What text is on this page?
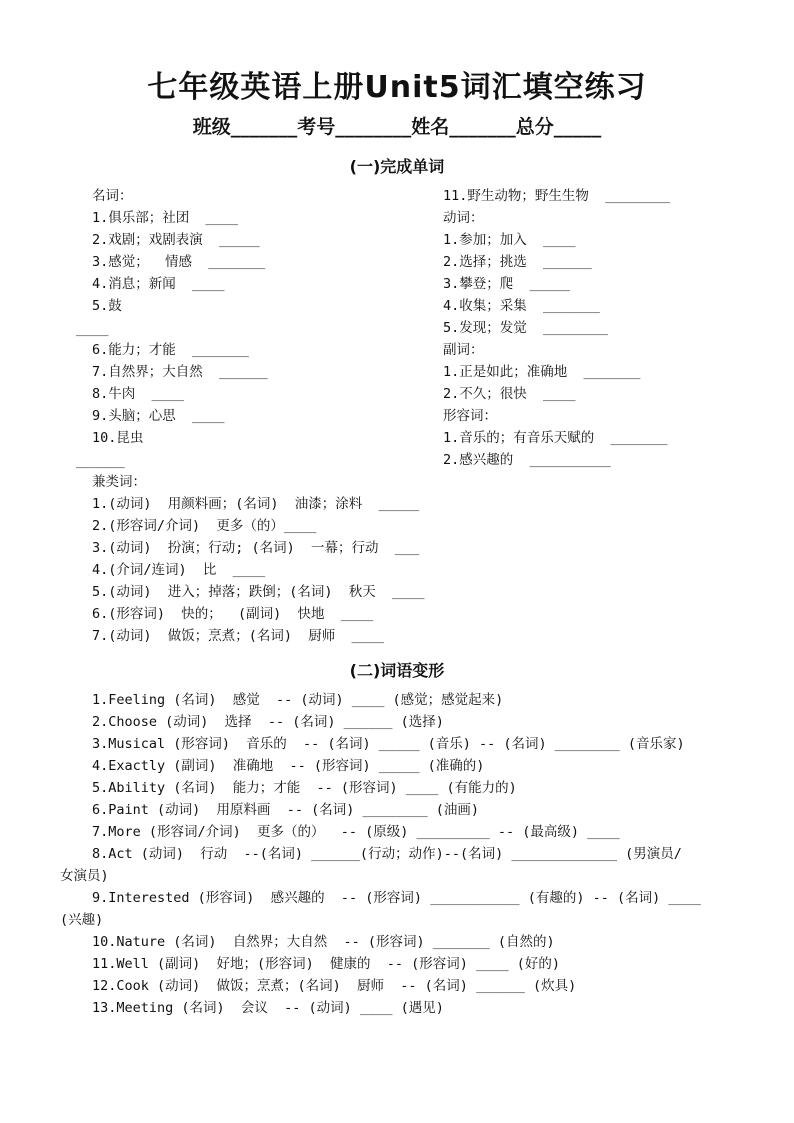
七年级英语上册Unit5词汇填空练习
班级_______考号________姓名_______总分_____
(一)完成单词
名词：
1.俱乐部；社团  ____
2.戏剧；戏剧表演  _____
3.感觉；  情感  _______
4.消息；新闻  ____
5.鼓
____
6.能力；才能  _______
7.自然界；大自然  ______
8.牛肉  ____
9.头脑；心思  ____
10.昆虫
______
兼类词：
1.(动词)  用颜料画；(名词)  油漆；涂料  _____
2.(形容词/介词)  更多（的）____
3.(动词)  扮演；行动; (名词)  一幕；行动  ___
4.(介词/连词)  比  ____
5.(动词)  进入；掉落；跌倒；(名词)  秋天  ____
6.(形容词)  快的；  (副词)  快地  ____
7.(动词)  做饭；烹煮；(名词)  厨师  ____
11.野生动物；野生生物  ________
动词：
1.参加；加入  ____
2.选择；挑选  ______
3.攀登；爬  _____
4.收集；采集  _______
5.发现；发觉  ________
副词：
1.正是如此；准确地  _______
2.不久；很快  ____
形容词：
1.音乐的；有音乐天赋的  _______
2.感兴趣的  __________
(二)词语变形
1.Feeling (名词)  感觉  -- (动词) ____ (感觉；感觉起来)
2.Choose (动词)  选择  -- (名词) ______ (选择)
3.Musical (形容词)  音乐的  -- (名词) _____ (音乐) -- (名词) ________ (音乐家)
4.Exactly (副词)  准确地  -- (形容词) _____ (准确的)
5.Ability (名词)  能力；才能  -- (形容词) ____ (有能力的)
6.Paint (动词)  用原料画  -- (名词) ________ (油画)
7.More (形容词/介词)  更多（的）  -- (原级) _________ -- (最高级) ____
8.Act (动词)  行动  --(名词) ______(行动；动作)--(名词) _____________ (男演员/
女演员)
9.Interested (形容词)  感兴趣的  -- (形容词) ___________ (有趣的) -- (名词) ____
(兴趣)
10.Nature (名词)  自然界；大自然  -- (形容词) _______ (自然的)
11.Well (副词)  好地；(形容词)  健康的  -- (形容词) ____ (好的)
12.Cook (动词)  做饭；烹煮；(名词)  厨师  -- (名词) ______ (炊具)
13.Meeting (名词)  会议  -- (动词) ____ (遇见)
